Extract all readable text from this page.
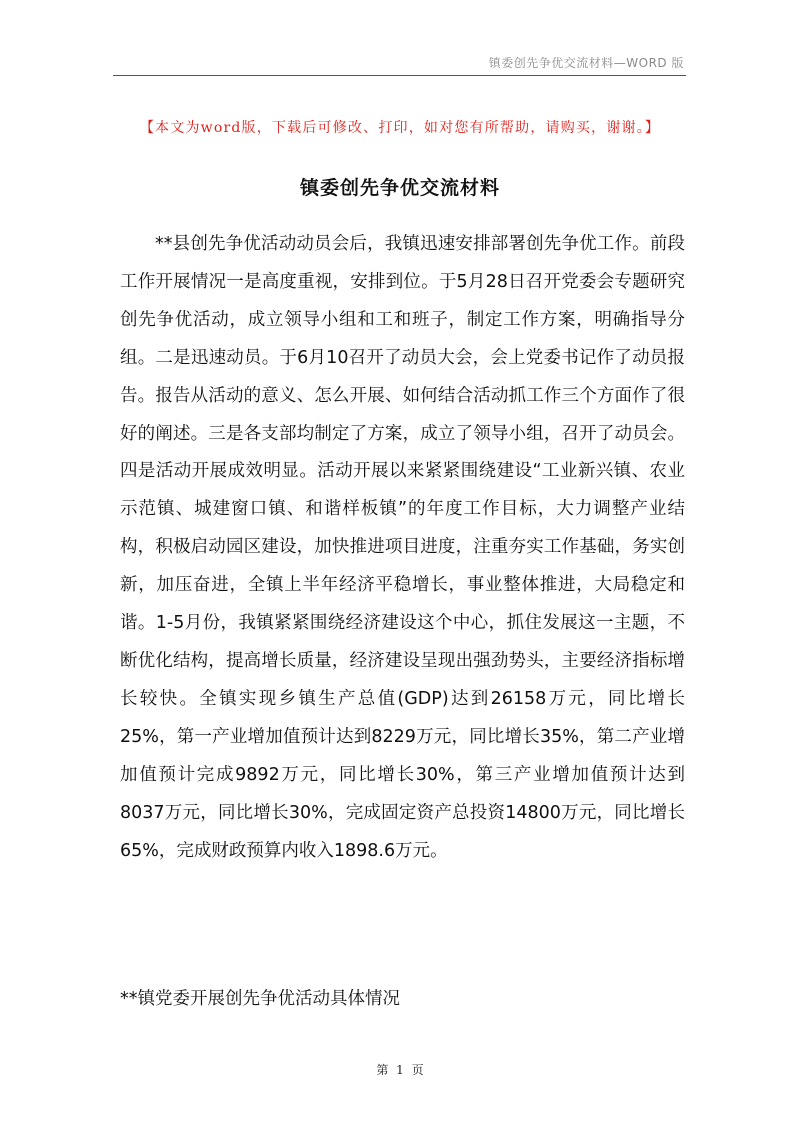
镇委创先争优交流材料—WORD 版
【本文为word版，下载后可修改、打印，如对您有所帮助，请购买，谢谢。】
镇委创先争优交流材料

**县创先争优活动动员会后，我镇迅速安排部署创先争优工作。前段工作开展情况一是高度重视，安排到位。于5月28日召开党委会专题研究创先争优活动，成立领导小组和工和班子，制定工作方案，明确指导分组。二是迅速动员。于6月10召开了动员大会，会上党委书记作了动员报告。报告从活动的意义、怎么开展、如何结合活动抓工作三个方面作了很好的阐述。三是各支部均制定了方案，成立了领导小组，召开了动员会。四是活动开展成效明显。活动开展以来紧紧围绕建设“工业新兴镇、农业示范镇、城建窗口镇、和谐样板镇”的年度工作目标，大力调整产业结构，积极启动园区建设，加快推进项目进度，注重夯实工作基础，务实创新，加压奋进，全镇上半年经济平稳增长，事业整体推进，大局稳定和谐。1-5月份，我镇紧紧围绕经济建设这个中心，抓住发展这一主题，不断优化结构，提高增长质量，经济建设呈现出强劲势头，主要经济指标增长较快。全镇实现乡镇生产总值(GDP)达到26158万元，同比增长25%，第一产业增加值预计达到8229万元，同比增长35%，第二产业增加值预计完成9892万元，同比增长30%，第三产业增加值预计达到8037万元，同比增长30%，完成固定资产总投资14800万元，同比增长65%，完成财政预算内收入1898.6万元。

**镇党委开展创先争优活动具体情况
第 1 页
